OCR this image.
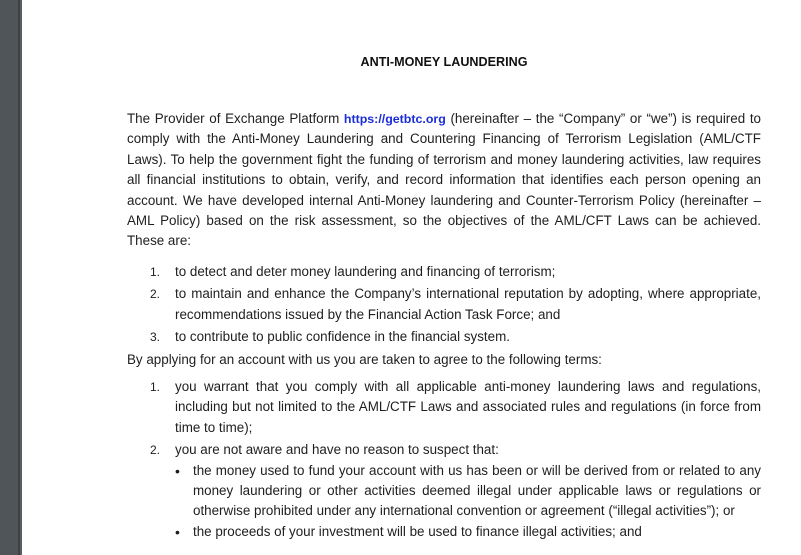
ANTI-MONEY LAUNDERING

The Provider of Exchange Platform https://getbtc.org (hereinafter – the “Company” or “we”) is required to comply with the Anti-Money Laundering and Countering Financing of Terrorism Legislation (AML/CTF Laws). To help the government fight the funding of terrorism and money laundering activities, law requires all financial institutions to obtain, verify, and record information that identifies each person opening an account. We have developed internal Anti-Money laundering and Counter-Terrorism Policy (hereinafter – AML Policy) based on the risk assessment, so the objectives of the AML/CFT Laws can be achieved. These are:

1. to detect and deter money laundering and financing of terrorism;
2. to maintain and enhance the Company’s international reputation by adopting, where appropriate, recommendations issued by the Financial Action Task Force; and
3. to contribute to public confidence in the financial system.

By applying for an account with us you are taken to agree to the following terms:

1. you warrant that you comply with all applicable anti-money laundering laws and regulations, including but not limited to the AML/CTF Laws and associated rules and regulations (in force from time to time);
2. you are not aware and have no reason to suspect that:
• the money used to fund your account with us has been or will be derived from or related to any money laundering or other activities deemed illegal under applicable laws or regulations or otherwise prohibited under any international convention or agreement (“illegal activities”); or
• the proceeds of your investment will be used to finance illegal activities; and
